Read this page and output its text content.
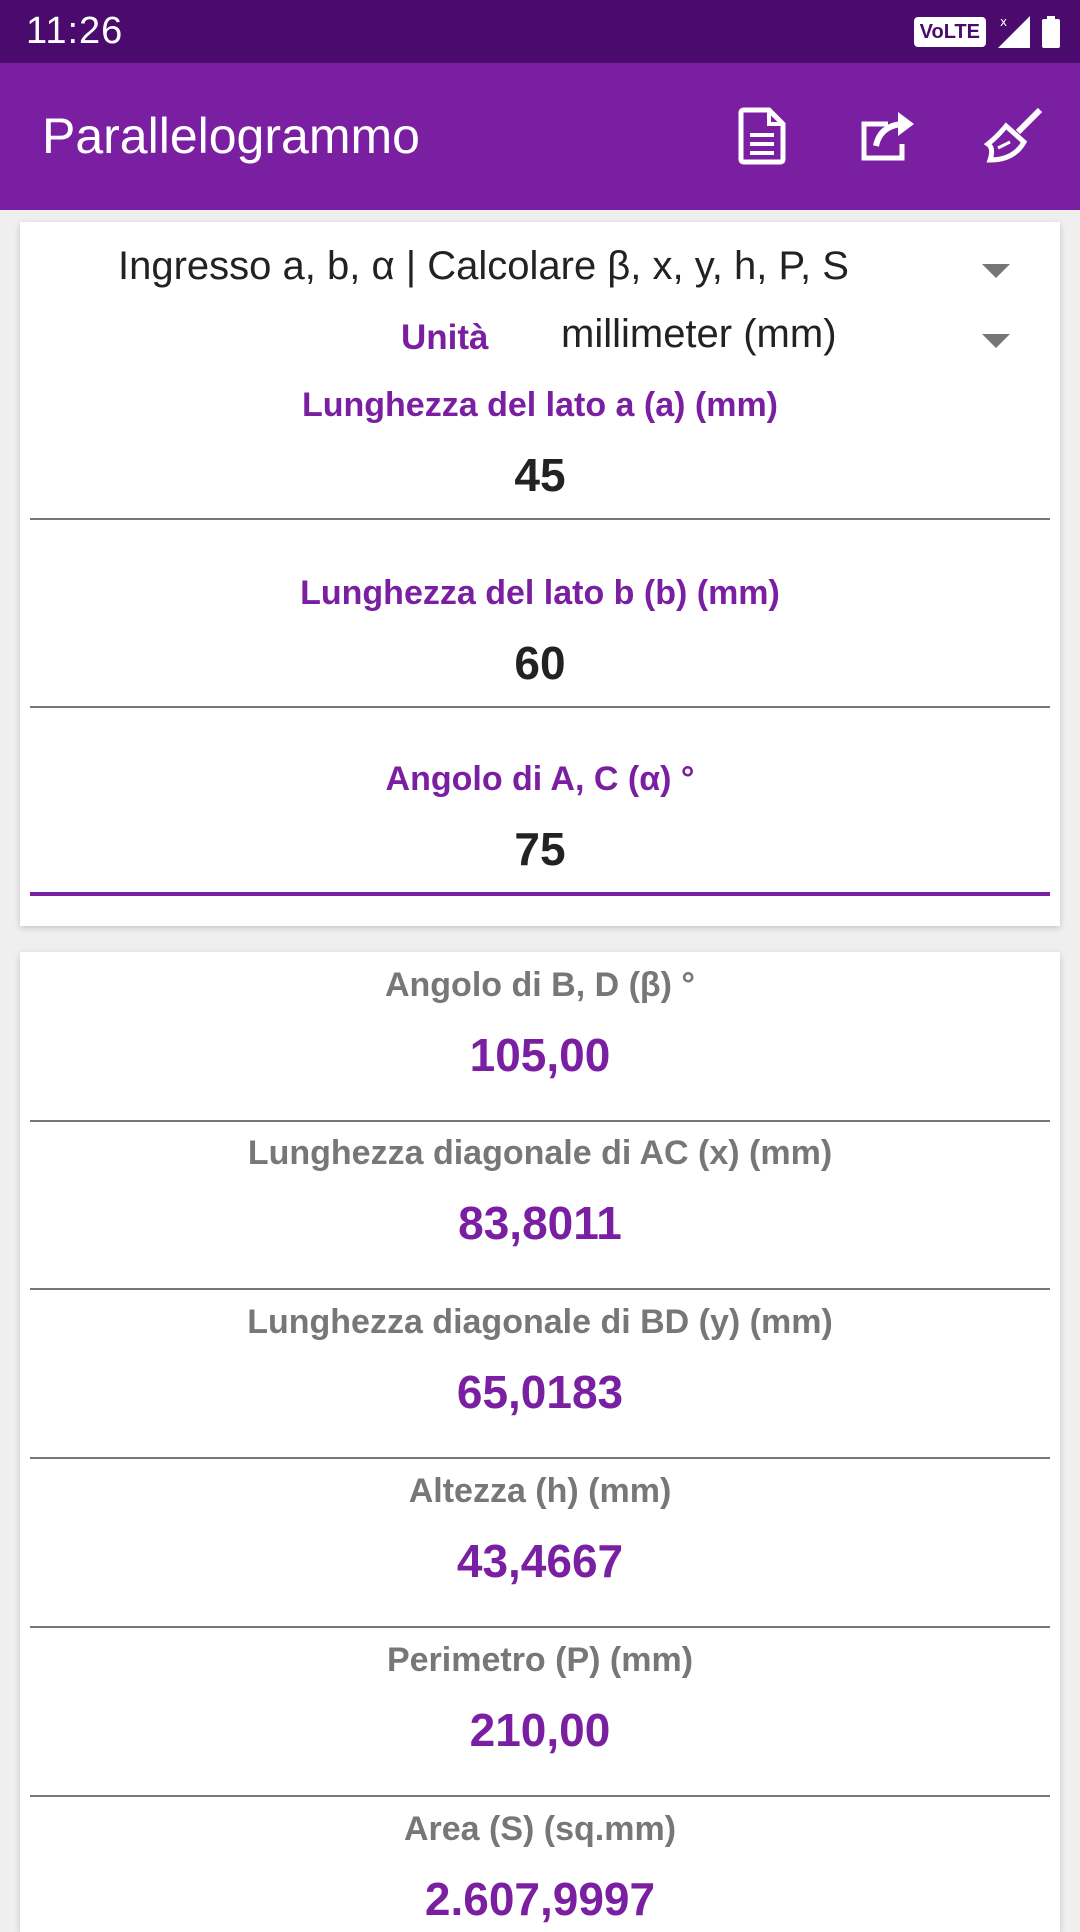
11:26	VoLTE	x
Parallelogrammo
Ingresso a, b, α | Calcolare β, x, y, h, P, S
Unità millimeter (mm)
Lunghezza del lato a (a) (mm)
45
Lunghezza del lato b (b) (mm)
60
Angolo di A, C (α) °
75
Angolo di B, D (β) °
105,00
Lunghezza diagonale di AC (x) (mm)
83,8011
Lunghezza diagonale di BD (y) (mm)
65,0183
Altezza (h) (mm)
43,4667
Perimetro (P) (mm)
210,00
Area (S) (sq.mm)
2.607,9997
